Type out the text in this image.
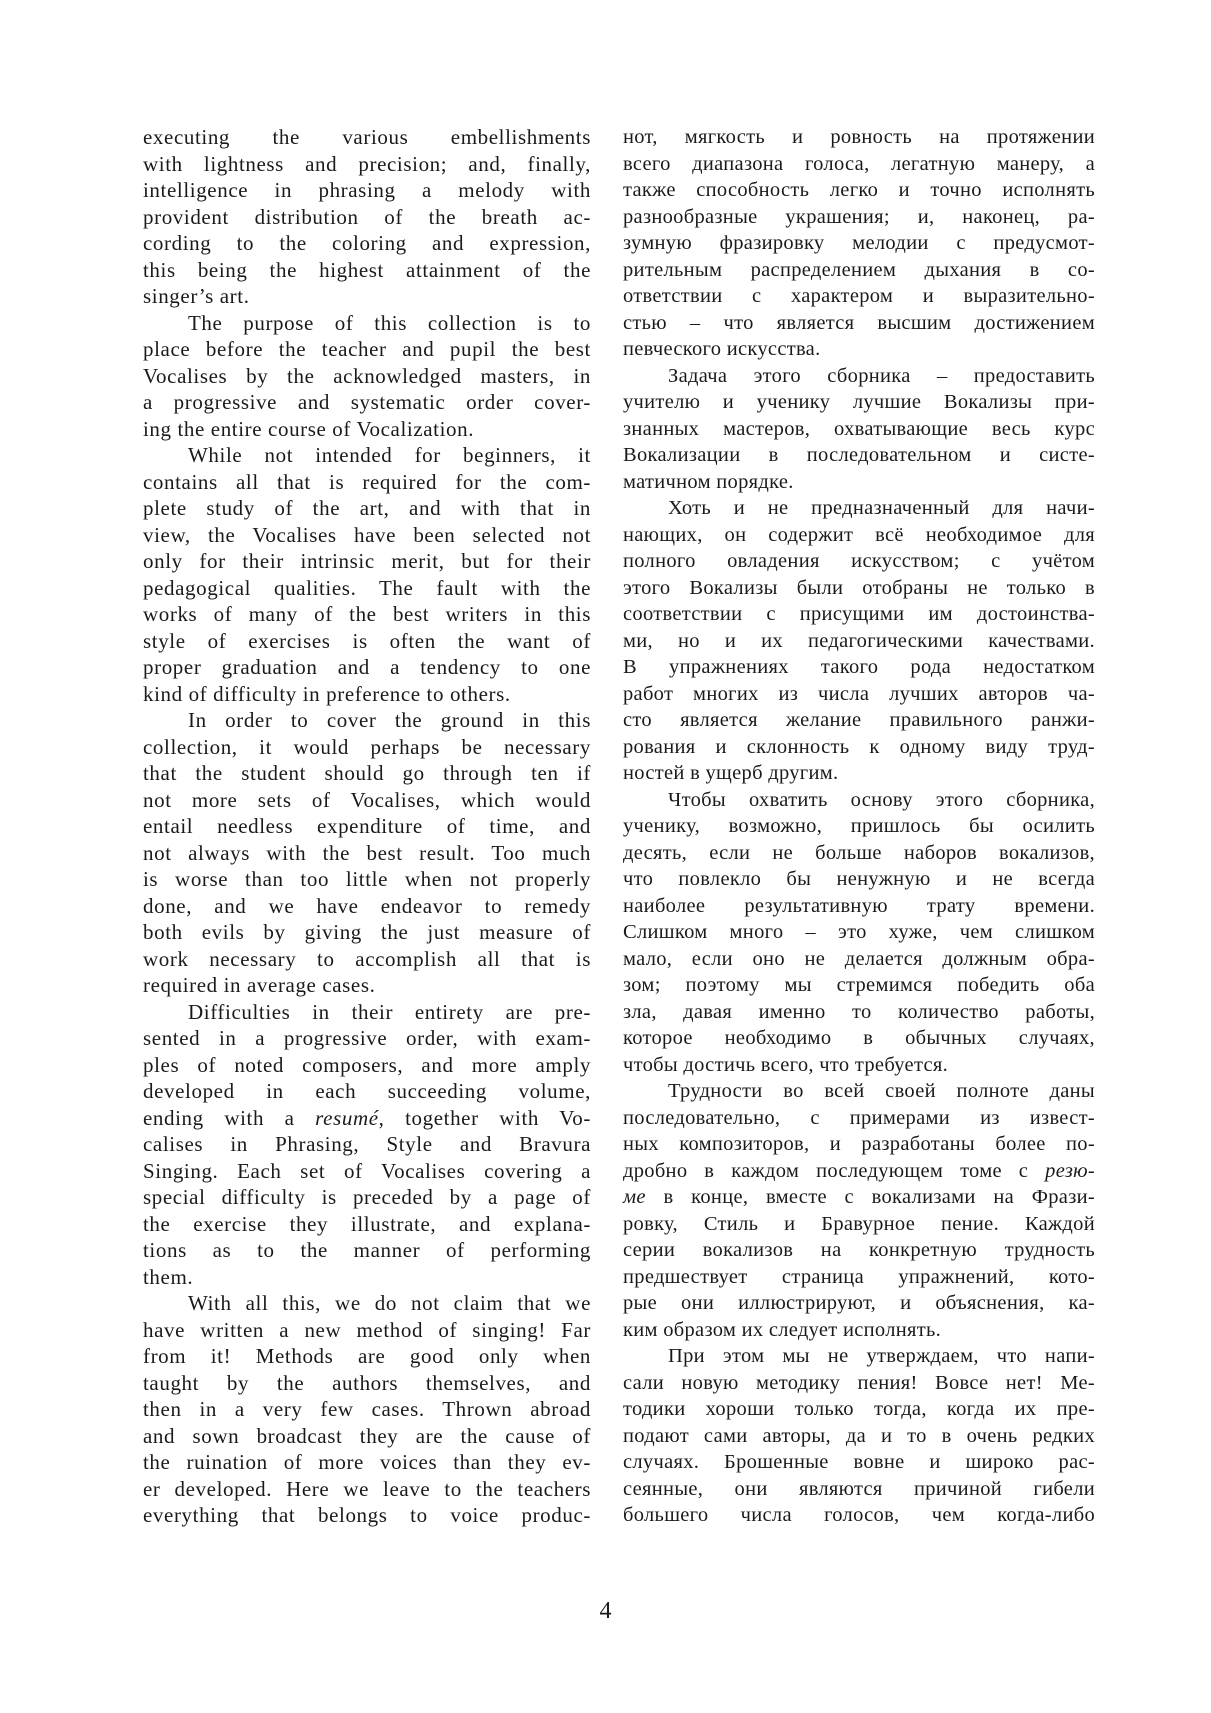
executing the various embellishments
with lightness and precision; and, finally,
intelligence in phrasing a melody with
provident distribution of the breath ac-
cording to the coloring and expression,
this being the highest attainment of the
singer’s art.
The purpose of this collection is to
place before the teacher and pupil the best
Vocalises by the acknowledged masters, in
a progressive and systematic order cover-
ing the entire course of Vocalization.
While not intended for beginners, it
contains all that is required for the com-
plete study of the art, and with that in
view, the Vocalises have been selected not
only for their intrinsic merit, but for their
pedagogical qualities. The fault with the
works of many of the best writers in this
style of exercises is often the want of
proper graduation and a tendency to one
kind of difficulty in preference to others.
In order to cover the ground in this
collection, it would perhaps be necessary
that the student should go through ten if
not more sets of Vocalises, which would
entail needless expenditure of time, and
not always with the best result. Too much
is worse than too little when not properly
done, and we have endeavor to remedy
both evils by giving the just measure of
work necessary to accomplish all that is
required in average cases.
Difficulties in their entirety are pre-
sented in a progressive order, with exam-
ples of noted composers, and more amply
developed in each succeeding volume,
ending with a resumé, together with Vo-
calises in Phrasing, Style and Bravura
Singing. Each set of Vocalises covering a
special difficulty is preceded by a page of
the exercise they illustrate, and explana-
tions as to the manner of performing
them.
With all this, we do not claim that we
have written a new method of singing! Far
from it! Methods are good only when
taught by the authors themselves, and
then in a very few cases. Thrown abroad
and sown broadcast they are the cause of
the ruination of more voices than they ev-
er developed. Here we leave to the teachers
everything that belongs to voice produc-
нот, мягкость и ровность на протяжении
всего диапазона голоса, легатную манеру, а
также способность легко и точно исполнять
разнообразные украшения; и, наконец, ра-
зумную фразировку мелодии с предусмот-
рительным распределением дыхания в со-
ответствии с характером и выразительно-
стью – что является высшим достижением
певческого искусства.
Задача этого сборника – предоставить
учителю и ученику лучшие Вокализы при-
знанных мастеров, охватывающие весь курс
Вокализации в последовательном и систе-
матичном порядке.
Хоть и не предназначенный для начи-
нающих, он содержит всё необходимое для
полного овладения искусством; с учётом
этого Вокализы были отобраны не только в
соответствии с присущими им достоинства-
ми, но и их педагогическими качествами.
В упражнениях такого рода недостатком
работ многих из числа лучших авторов ча-
сто является желание правильного ранжи-
рования и склонность к одному виду труд-
ностей в ущерб другим.
Чтобы охватить основу этого сборника,
ученику, возможно, пришлось бы осилить
десять, если не больше наборов вокализов,
что повлекло бы ненужную и не всегда
наиболее результативную трату времени.
Слишком много – это хуже, чем слишком
мало, если оно не делается должным обра-
зом; поэтому мы стремимся победить оба
зла, давая именно то количество работы,
которое необходимо в обычных случаях,
чтобы достичь всего, что требуется.
Трудности во всей своей полноте даны
последовательно, с примерами из извест-
ных композиторов, и разработаны более по-
дробно в каждом последующем томе с резю-
ме в конце, вместе с вокализами на Фрази-
ровку, Стиль и Бравурное пение. Каждой
серии вокализов на конкретную трудность
предшествует страница упражнений, кото-
рые они иллюстрируют, и объяснения, ка-
ким образом их следует исполнять.
При этом мы не утверждаем, что напи-
сали новую методику пения! Вовсе нет! Ме-
тодики хороши только тогда, когда их пре-
подают сами авторы, да и то в очень редких
случаях. Брошенные вовне и широко рас-
сеянные, они являются причиной гибели
большего числа голосов, чем когда-либо
4
